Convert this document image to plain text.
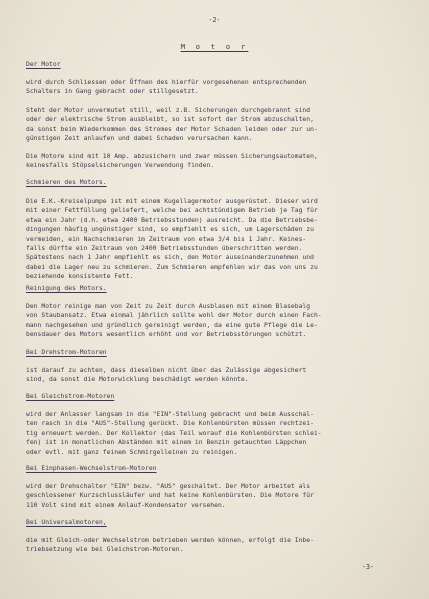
-2-
M o t o r
Der Motor
wird durch Schliessen oder Öffnen des hierfür vorgesehenen entsprechenden
Schalters in Gang gebracht oder stillgesetzt.
Steht der Motor unvermutet still, weil z.B. Sicherungen durchgebrannt sind
oder der elektrische Strom ausbleibt, so ist sofort der Strom abzuschalten,
da sonst beim Wiederkommen des Stromes der Motor Schaden leiden oder zur un-
günstigen Zeit anlaufen und dabei Schaden verursachen kann.
Die Motore sind mit 10 Amp. abzusichern und zwar müssen Sicherungsautomaten,
keinesfalls Stöpselsicherungen Verwendung finden.
Schmieren des Motors.
Die E.K.-Kreiselpumpe ist mit einem Kugellagermotor ausgerüstet. Dieser wird
mit einer Fettfüllung geliefert, welche bei achtstündigem Betrieb je Tag für
etwa ein Jahr (d.h. etwa 2400 Betriebsstunden) ausreicht. Da die Betriebsbe-
dingungen häufig ungünstiger sind, so empfiehlt es sich, um Lagerschäden zu
vermeiden, ein Nachschmieren im Zeitraum von etwa 3/4 bis 1 Jahr. Keines-
falls dürfte ein Zeitraum von 2400 Betriebsstunden überschritten werden.
Spätestens nach 1 Jahr empfiehlt es sich, den Motor auseinanderzunehmen und
dabei die Lager neu zu schmieren. Zum Schmieren empfehlen wir das von uns zu
beziehende konsistente Fett.
Reinigung des Motors.
Den Motor reinige man von Zeit zu Zeit durch Ausblasen mit einem Blasebalg
von Staubansatz. Etwa einmal jährlich sollte wohl der Motor durch einen Fach-
mann nachgesehen und gründlich gereinigt werden, da eine gute Pflege die Le-
bensdauer des Motors wesentlich erhöht und vor Betriebsstörungen schützt.
Bei Drehstrom-Motoren
ist darauf zu achten, dass dieselben nicht über das Zulässige abgesichert
sind, da sonst die Motorwicklung beschädigt werden könnte.
Bei Gleichstrom-Motoren
wird der Anlasser langsam in die "EIN"-Stellung gebracht und beim Ausschal-
ten rasch in die "AUS"-Stellung gerückt. Die Kohlenbürsten müssen rechtzei-
tig erneuert werden. Der Kollektor (das Teil worauf die Kohlenbürsten schlei-
fen) ist in monatlichen Abständen mit einem in Benzin getauchten Läppchen
oder evtl. mit ganz feinem Schmirgelleinen zu reinigen.
Bei Einphasen-Wechselstrom-Motoren
wird der Drehschalter "EIN" bezw. "AUS" geschaltet. Der Motor arbeitet als
geschlossener Kurzschlussläufer und hat keine Kohlenbürsten. Die Motore für
110 Volt sind mit einem Anlauf-Kondensator versehen.
Bei Universalmotoren,
die mit Gleich-oder Wechselstrom betrieben werden können, erfolgt die Inbe-
triebsetzung wie bei Gleichstrom-Motoren.
-3-
